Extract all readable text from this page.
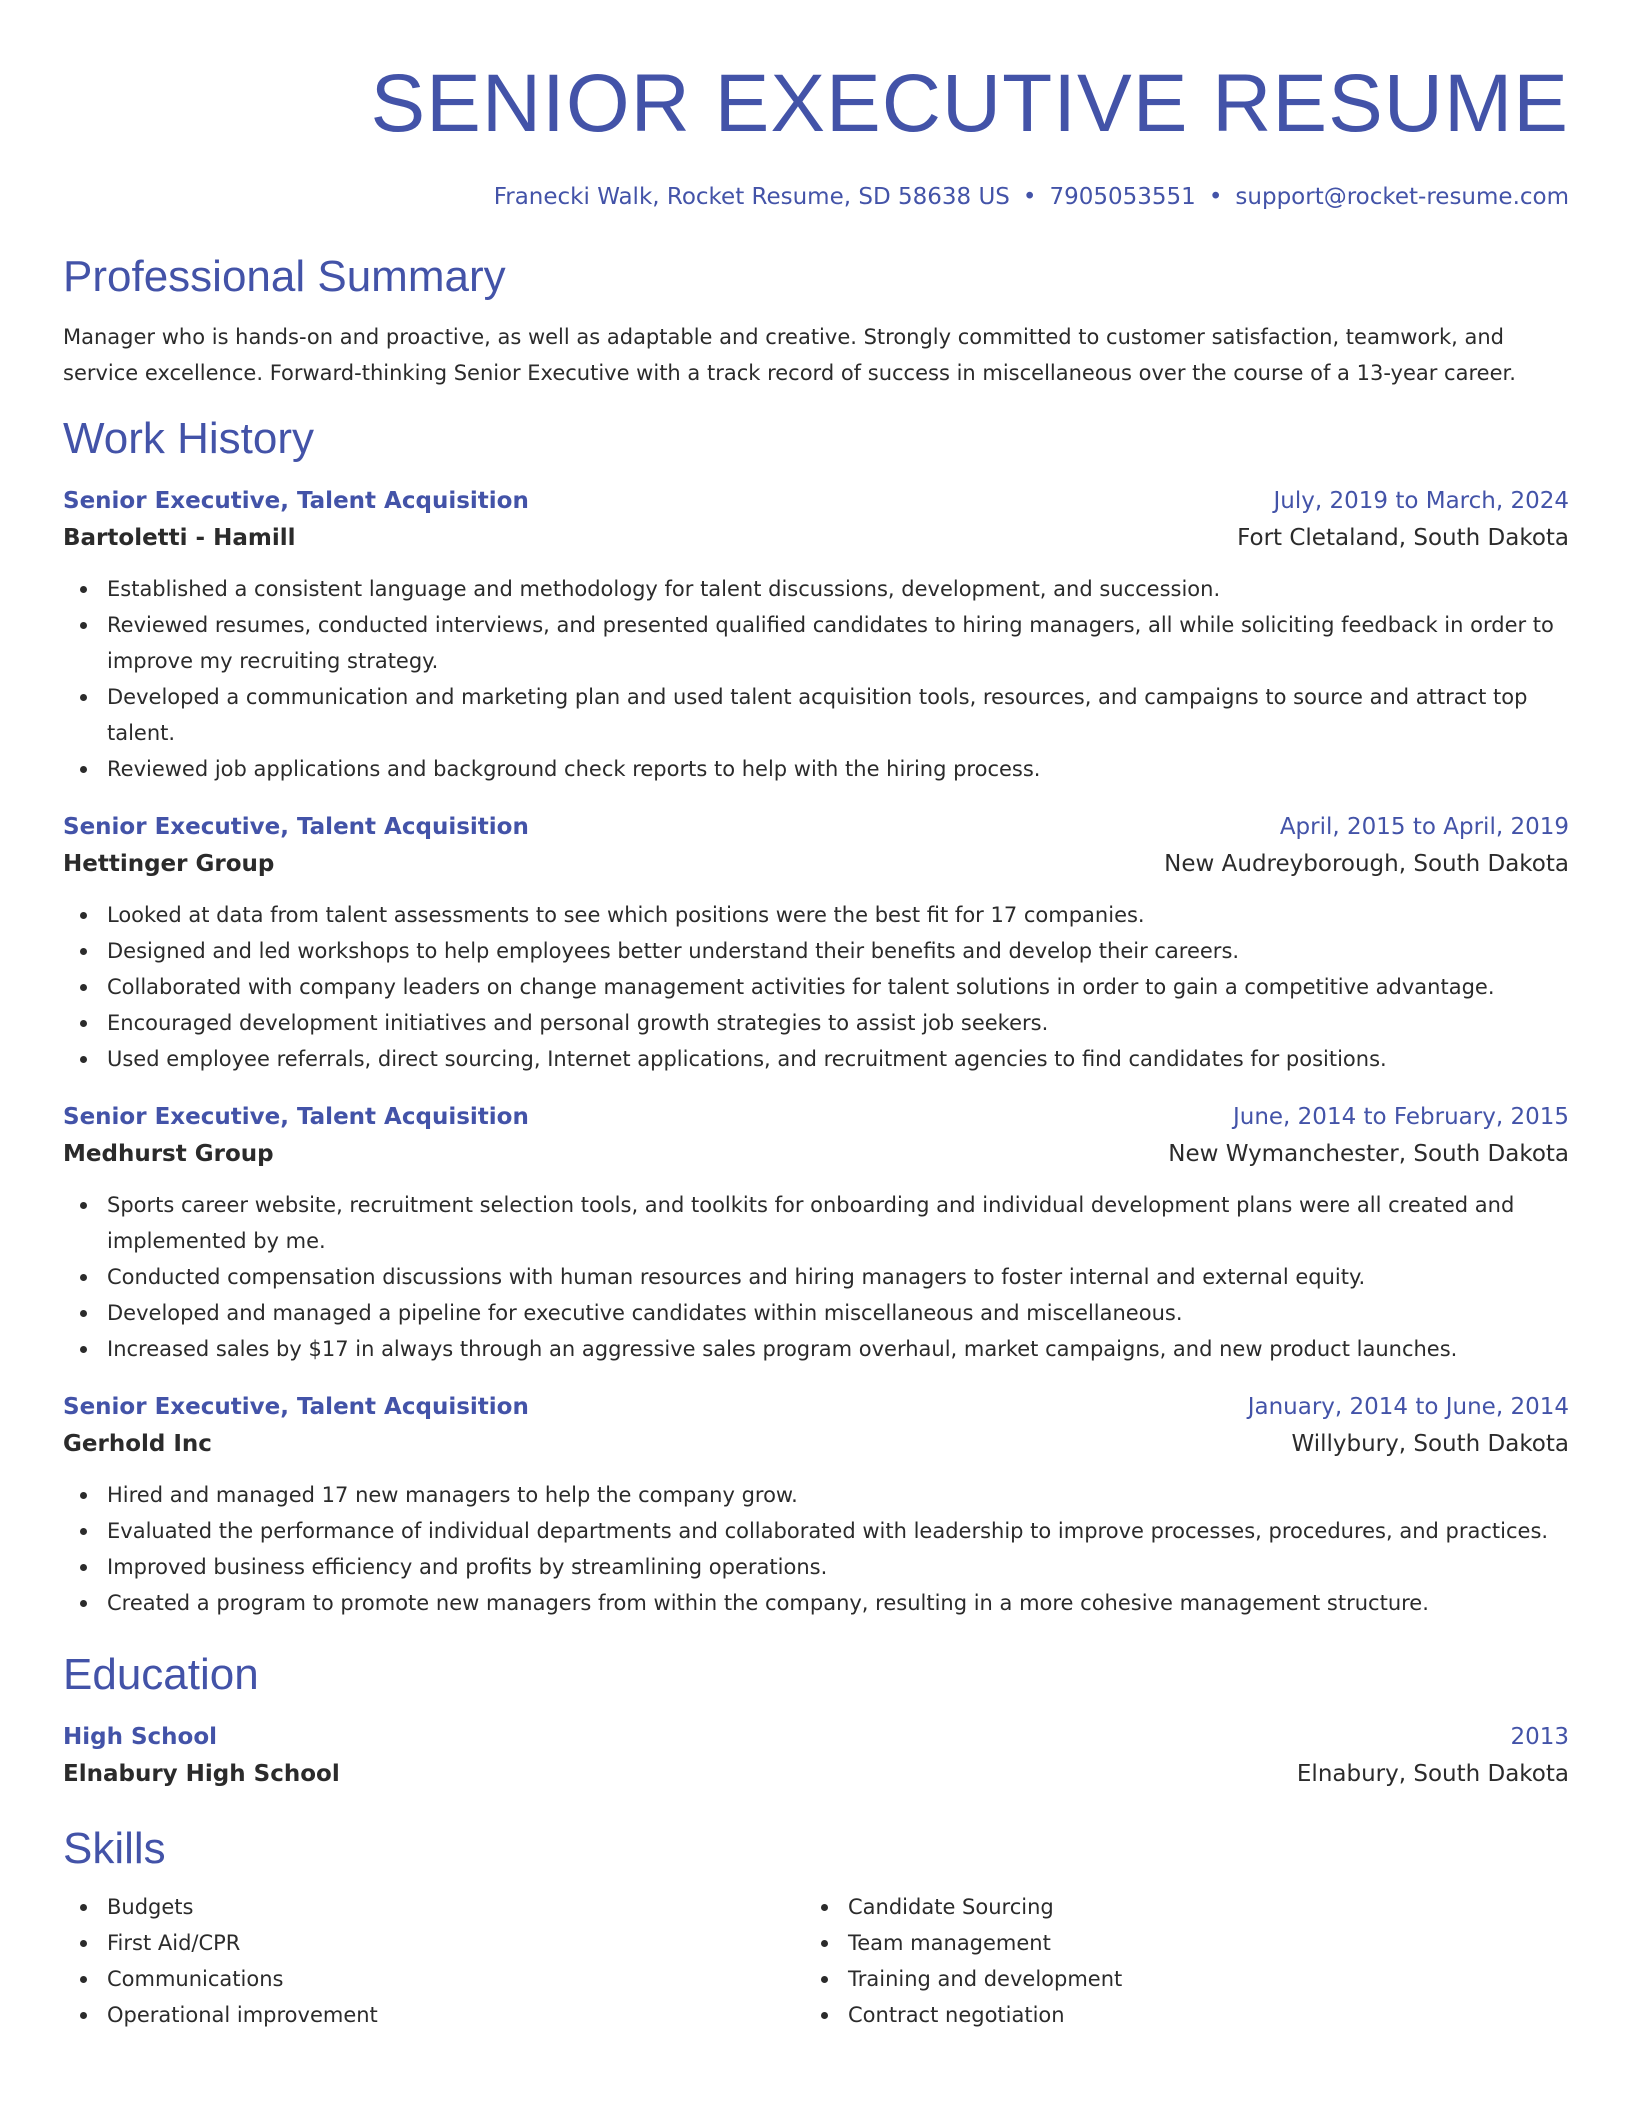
SENIOR EXECUTIVE RESUME
Franecki Walk, Rocket Resume, SD 58638 US • 7905053551 • support@rocket-resume.com
Professional Summary

Manager who is hands-on and proactive, as well as adaptable and creative. Strongly committed to customer satisfaction, teamwork, and service excellence. Forward-thinking Senior Executive with a track record of success in miscellaneous over the course of a 13-year career.

Work History
Senior Executive, Talent Acquisition	July, 2019 to March, 2024
Bartoletti - Hamill	Fort Cletaland, South Dakota
Established a consistent language and methodology for talent discussions, development, and succession.
Reviewed resumes, conducted interviews, and presented qualified candidates to hiring managers, all while soliciting feedback in order to improve my recruiting strategy.
Developed a communication and marketing plan and used talent acquisition tools, resources, and campaigns to source and attract top talent.
Reviewed job applications and background check reports to help with the hiring process.
Senior Executive, Talent Acquisition	April, 2015 to April, 2019
Hettinger Group	New Audreyborough, South Dakota
Looked at data from talent assessments to see which positions were the best fit for 17 companies.
Designed and led workshops to help employees better understand their benefits and develop their careers.
Collaborated with company leaders on change management activities for talent solutions in order to gain a competitive advantage.
Encouraged development initiatives and personal growth strategies to assist job seekers.
Used employee referrals, direct sourcing, Internet applications, and recruitment agencies to find candidates for positions.
Senior Executive, Talent Acquisition	June, 2014 to February, 2015
Medhurst Group	New Wymanchester, South Dakota
Sports career website, recruitment selection tools, and toolkits for onboarding and individual development plans were all created and implemented by me.
Conducted compensation discussions with human resources and hiring managers to foster internal and external equity.
Developed and managed a pipeline for executive candidates within miscellaneous and miscellaneous.
Increased sales by $17 in always through an aggressive sales program overhaul, market campaigns, and new product launches.
Senior Executive, Talent Acquisition	January, 2014 to June, 2014
Gerhold Inc	Willybury, South Dakota
Hired and managed 17 new managers to help the company grow.
Evaluated the performance of individual departments and collaborated with leadership to improve processes, procedures, and practices.
Improved business efficiency and profits by streamlining operations.
Created a program to promote new managers from within the company, resulting in a more cohesive management structure.
Education
High School	2013
Elnabury High School	Elnabury, South Dakota
Skills
Budgets
First Aid/CPR
Communications
Operational improvement
Candidate Sourcing
Team management
Training and development
Contract negotiation
